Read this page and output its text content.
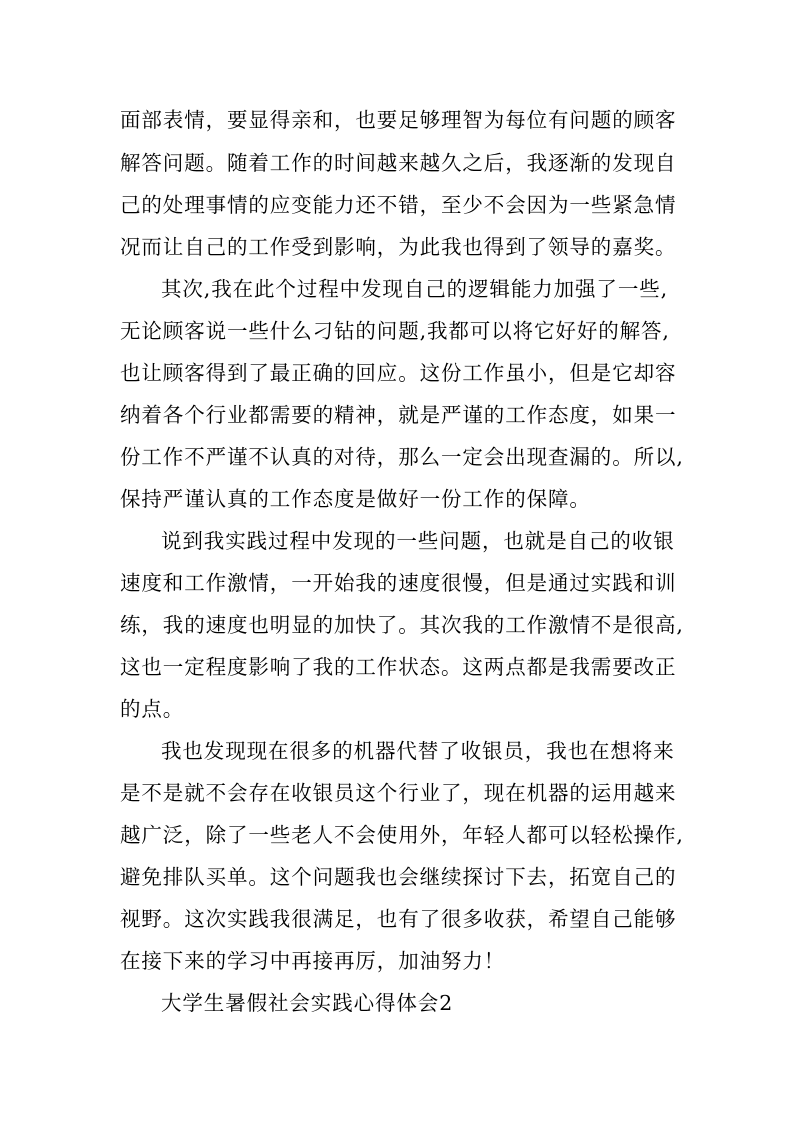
面部表情，要显得亲和，也要足够理智为每位有问题的顾客
解答问题。随着工作的时间越来越久之后，我逐渐的发现自
己的处理事情的应变能力还不错，至少不会因为一些紧急情
况而让自己的工作受到影响，为此我也得到了领导的嘉奖。
其次,我在此个过程中发现自己的逻辑能力加强了一些,
无论顾客说一些什么刁钻的问题,我都可以将它好好的解答,
也让顾客得到了最正确的回应。这份工作虽小，但是它却容
纳着各个行业都需要的精神，就是严谨的工作态度，如果一
份工作不严谨不认真的对待，那么一定会出现查漏的。所以,
保持严谨认真的工作态度是做好一份工作的保障。
说到我实践过程中发现的一些问题，也就是自己的收银
速度和工作激情，一开始我的速度很慢，但是通过实践和训
练，我的速度也明显的加快了。其次我的工作激情不是很高,
这也一定程度影响了我的工作状态。这两点都是我需要改正
的点。
我也发现现在很多的机器代替了收银员，我也在想将来
是不是就不会存在收银员这个行业了，现在机器的运用越来
越广泛，除了一些老人不会使用外，年轻人都可以轻松操作,
避免排队买单。这个问题我也会继续探讨下去，拓宽自己的
视野。这次实践我很满足，也有了很多收获，希望自己能够
在接下来的学习中再接再厉，加油努力！
大学生暑假社会实践心得体会2
